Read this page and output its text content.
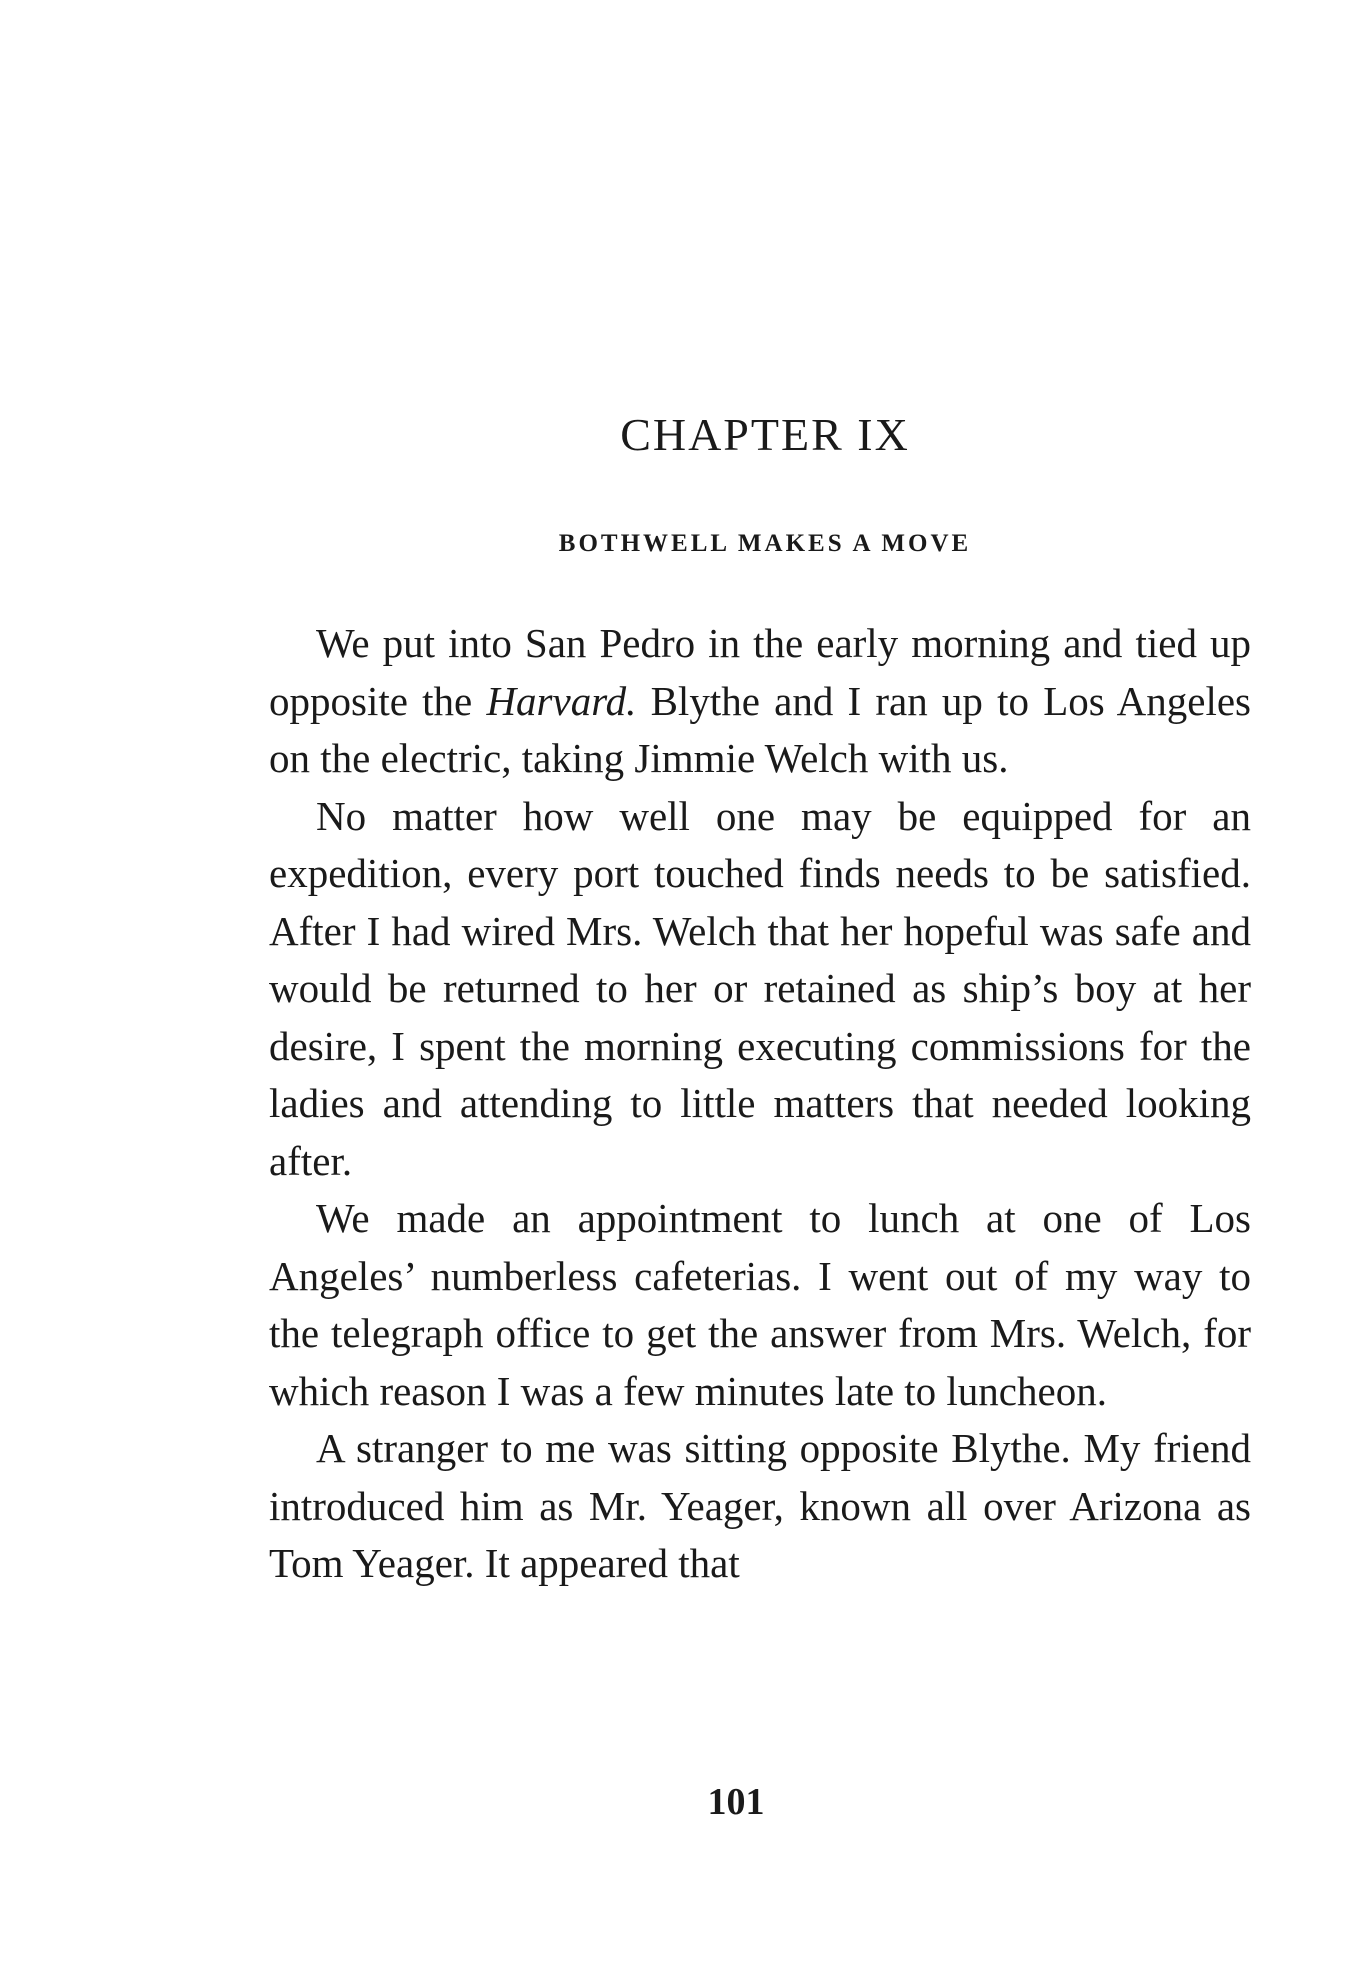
CHAPTER IX
BOTHWELL MAKES A MOVE

We put into San Pedro in the early morning and tied up opposite the Harvard. Blythe and I ran up to Los Angeles on the electric, taking Jimmie Welch with us.

No matter how well one may be equipped for an expedition, every port touched finds needs to be satisfied. After I had wired Mrs. Welch that her hopeful was safe and would be returned to her or retained as ship’s boy at her desire, I spent the morning executing commissions for the ladies and attending to little matters that needed looking after.

We made an appointment to lunch at one of Los Angeles’ numberless cafeterias. I went out of my way to the telegraph office to get the answer from Mrs. Welch, for which reason I was a few minutes late to luncheon.

A stranger to me was sitting opposite Blythe. My friend introduced him as Mr. Yeager, known all over Arizona as Tom Yeager. It appeared that

101
